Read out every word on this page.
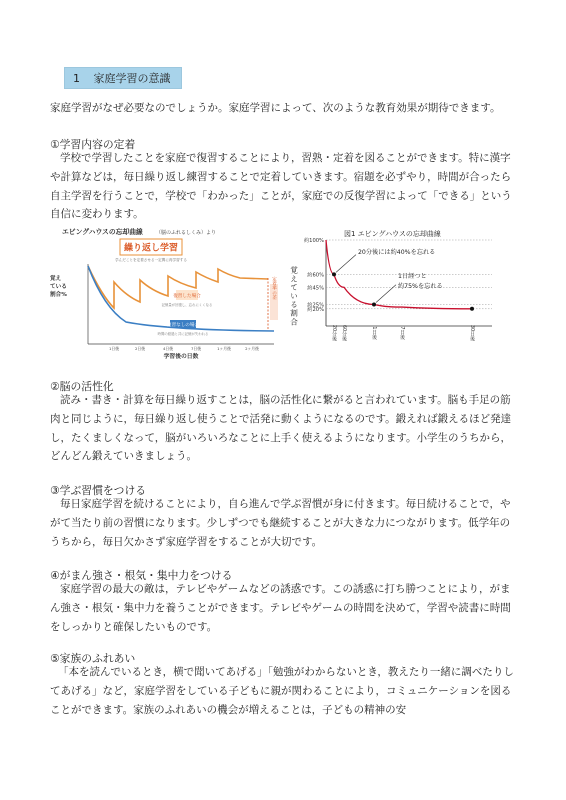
1 家庭学習の意識
家庭学習がなぜ必要なのでしょうか。家庭学習によって、次のような教育効果が期待できます。
①学習内容の定着
学校で学習したことを家庭で復習することにより，習熟・定着を図ることができます。特に漢字や計算などは，毎日繰り返し練習することで定着していきます。宿題を必ずやり，時間が合ったら自主学習を行うことで，学校で「わかった」ことが，家庭での反復学習によって「できる」という自信に変わります。
エビングハウスの忘却曲線	（脳のふれるしくみ）より
繰り返し学習
学んだことを定着させる一定間に再学習する
覚え
ている
割合%	復習した場合
記憶量が回復し、忘れにくくなる
復習なしの場合
時間の経過と共に記憶が失われる
定着率の差
1日後	2日後	4日後	7日後	1ヶ月後	2ヶ月後
学習後の日数
図1 エビングハウスの忘却曲線
覚えている割合
約100%
約60%
約45%
約25%
約20%
20分後 60分後	1日後	7日後	30日後
20分後には約40%を忘れる
1日経つと
約75%を忘れる
②脳の活性化
読み・書き・計算を毎日繰り返すことは，脳の活性化に繋がると言われています。脳も手足の筋肉と同じように，毎日繰り返し使うことで活発に動くようになるのです。鍛えれば鍛えるほど発達し，たくましくなって，脳がいろいろなことに上手く使えるようになります。小学生のうちから，どんどん鍛えていきましょう。
③学ぶ習慣をつける
毎日家庭学習を続けることにより，自ら進んで学ぶ習慣が身に付きます。毎日続けることで，やがて当たり前の習慣になります。少しずつでも継続することが大きな力につながります。低学年のうちから，毎日欠かさず家庭学習をすることが大切です。
④がまん強さ・根気・集中力をつける
家庭学習の最大の敵は，テレビやゲームなどの誘惑です。この誘惑に打ち勝つことにより，がまん強さ・根気・集中力を養うことができます。テレビやゲームの時間を決めて，学習や読書に時間をしっかりと確保したいものです。
⑤家族のふれあい
「本を読んでいるとき，横で聞いてあげる」「勉強がわからないとき，教えたり一緒に調べたりしてあげる」など，家庭学習をしている子どもに親が関わることにより，コミュニケーションを図ることができます。家族のふれあいの機会が増えることは，子どもの精神の安
